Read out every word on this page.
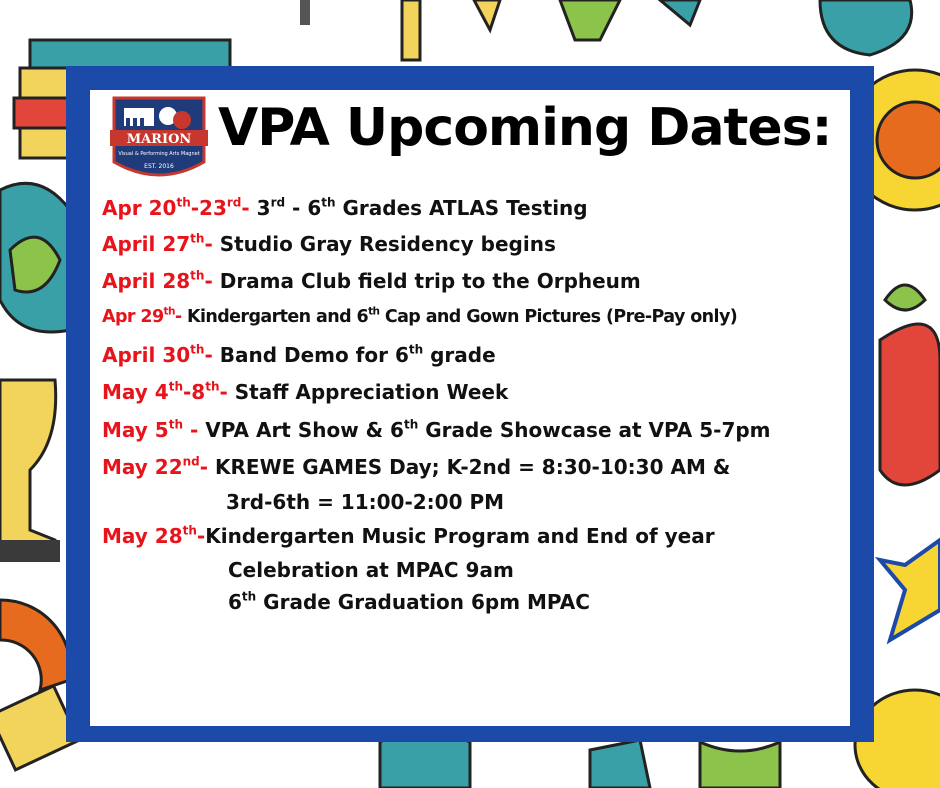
MARION
Visual & Performing Arts Magnet
EST. 2016
VPA Upcoming Dates:
Apr 20th-23rd- 3rd - 6th Grades ATLAS Testing
April 27th- Studio Gray Residency begins
April 28th- Drama Club field trip to the Orpheum
Apr 29th- Kindergarten and 6th Cap and Gown Pictures (Pre-Pay only)
April 30th- Band Demo for 6th grade
May 4th-8th- Staff Appreciation Week
May 5th - VPA Art Show & 6th Grade Showcase at VPA 5-7pm
May 22nd- KREWE GAMES Day; K-2nd = 8:30-10:30 AM &
3rd-6th = 11:00-2:00 PM
May 28th-Kindergarten Music Program and End of year
Celebration at MPAC 9am
6th Grade Graduation 6pm MPAC
